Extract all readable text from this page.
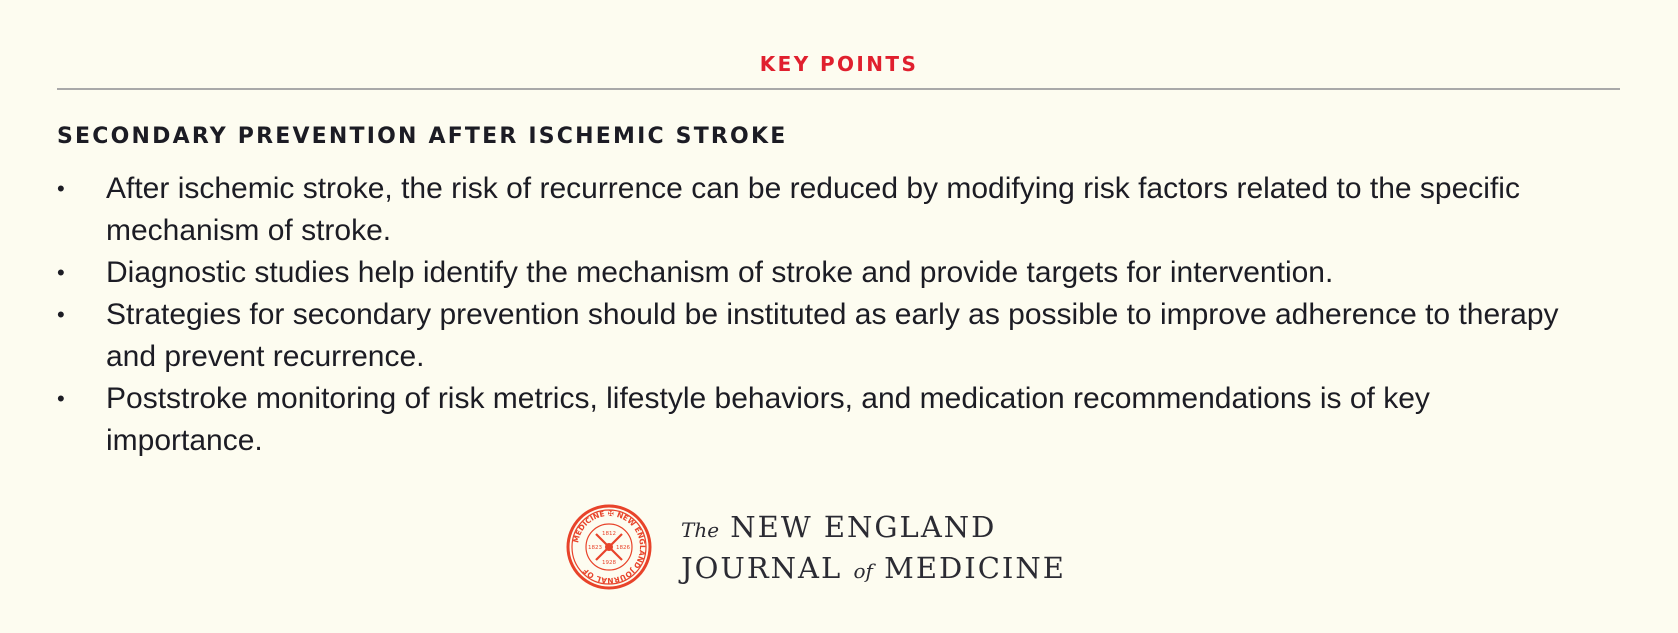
KEY POINTS
SECONDARY PREVENTION AFTER ISCHEMIC STROKE
•	After ischemic stroke, the risk of recurrence can be reduced by modifying risk factors related to the specific mechanism of stroke.
•	Diagnostic studies help identify the mechanism of stroke and provide targets for intervention.
•	Strategies for secondary prevention should be instituted as early as possible to improve adherence to therapy and prevent recurrence.
•	Poststroke monitoring of risk metrics, lifestyle behaviors, and medication recommendations is of key importance.
MEDICINE ✠ NEW ENGLAND JOURNAL OF
1812
1823	1826
1928
The NEW ENGLAND
JOURNAL of MEDICINE
